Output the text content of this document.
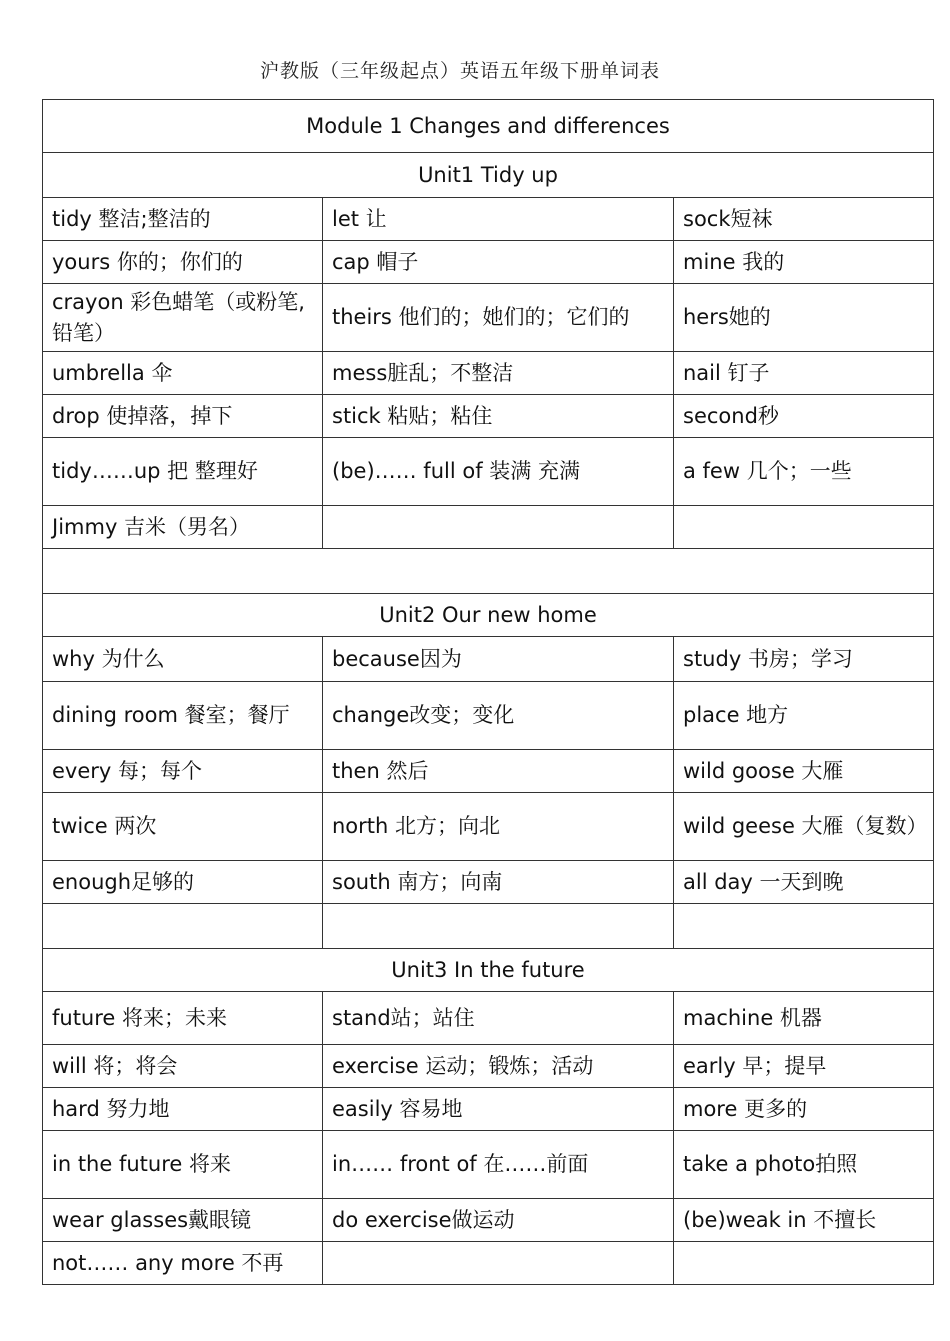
沪教版（三年级起点）英语五年级下册单词表
Module 1 Changes and differences		
Unit1 Tidy up		
tidy 整洁;整洁的	let 让	sock短袜
yours 你的；你们的	cap 帽子	mine 我的
crayon 彩色蜡笔（或粉笔,铅笔）	theirs 他们的；她们的；它们的	hers她的
umbrella 伞	mess脏乱；不整洁	nail 钉子
drop 使掉落，掉下	stick 粘贴；粘住	second秒
tidy……up 把 整理好	(be)…… full of 装满 充满	a few 几个；一些
Jimmy 吉米（男名）		

Unit2 Our new home		
why 为什么	because因为	study 书房；学习
dining room 餐室；餐厅	change改变；变化	place 地方
every 每；每个	then 然后	wild goose 大雁
twice 两次	north 北方；向北	wild geese 大雁（复数）
enough足够的	south 南方；向南	all day 一天到晚

Unit3 In the future		
future 将来；未来	stand站；站住	machine 机器
will 将；将会	exercise 运动；锻炼；活动	early 早；提早
hard 努力地	easily 容易地	more 更多的
in the future 将来	in…… front of 在……前面	take a photo拍照
wear glasses戴眼镜	do exercise做运动	(be)weak in 不擅长
not…… any more 不再		
